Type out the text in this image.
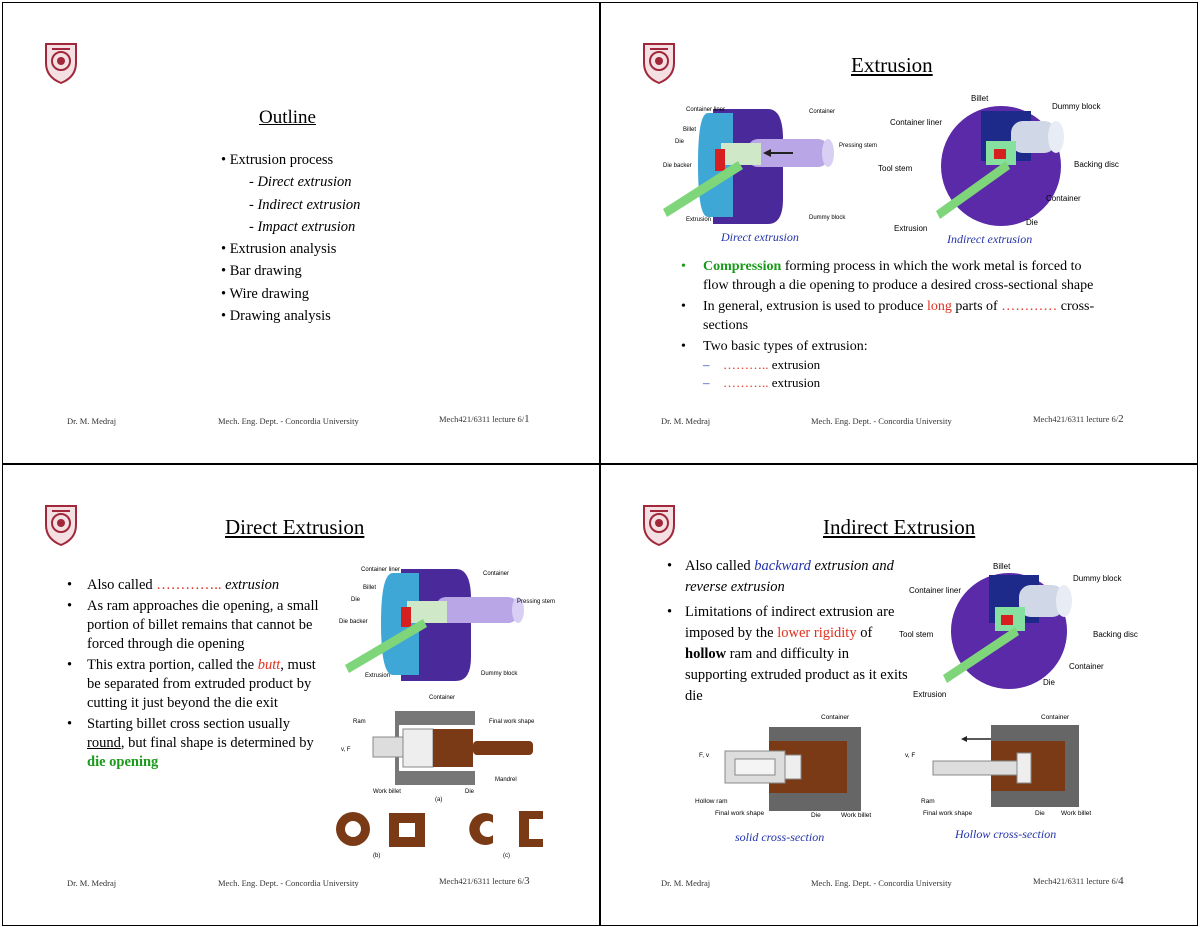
Outline
• Extrusion process
- Direct extrusion
- Indirect extrusion
- Impact extrusion
• Extrusion analysis
• Bar drawing
• Wire drawing
• Drawing analysis
Dr. M. Medraj	Mech. Eng. Dept. - Concordia University	Mech421/6311 lecture 6/1
Extrusion
Container liner
Billet
Die
Die backer
Extrusion
Container
Pressing stem
Dummy block
Direct extrusion
Billet
Dummy block
Container liner
Tool stem	Backing disc
Container
Extrusion
Die
Indirect extrusion
• Compression forming process in which the work metal is forced to flow through a die opening to produce a desired cross-sectional shape
• In general, extrusion is used to produce long parts of ………… cross-sections
• Two basic types of extrusion:
– ……….. extrusion
– ……….. extrusion
Dr. M. Medraj	Mech. Eng. Dept. - Concordia University	Mech421/6311 lecture 6/2
Direct Extrusion
• Also called ………….. extrusion
• As ram approaches die opening, a small portion of billet remains that cannot be forced through die opening
• This extra portion, called the butt, must be separated from extruded product by cutting it just beyond the die exit
• Starting billet cross section usually round, but final shape is determined by die opening
Container liner
Billet
Die
Die backer
Extrusion
Container
Pressing stem
Dummy block
Container
Ram	Final work shape
v, F
Work billet	Die
Mandrel
(a)
(b)	(c)
Dr. M. Medraj	Mech. Eng. Dept. - Concordia University	Mech421/6311 lecture 6/3
Indirect Extrusion
• Also called backward extrusion and reverse extrusion
• Limitations of indirect extrusion are imposed by the lower rigidity of hollow ram and difficulty in supporting extruded product as it exits die
Billet
Dummy block
Container liner
Tool stem	Backing disc
Container
Extrusion
Die
Container
F, v
Hollow ram
Final work shape	Die	Work billet
solid cross-section
Container
v, F
Ram
Final work shape	Die Work billet
Hollow cross-section
Dr. M. Medraj	Mech. Eng. Dept. - Concordia University	Mech421/6311 lecture 6/4
